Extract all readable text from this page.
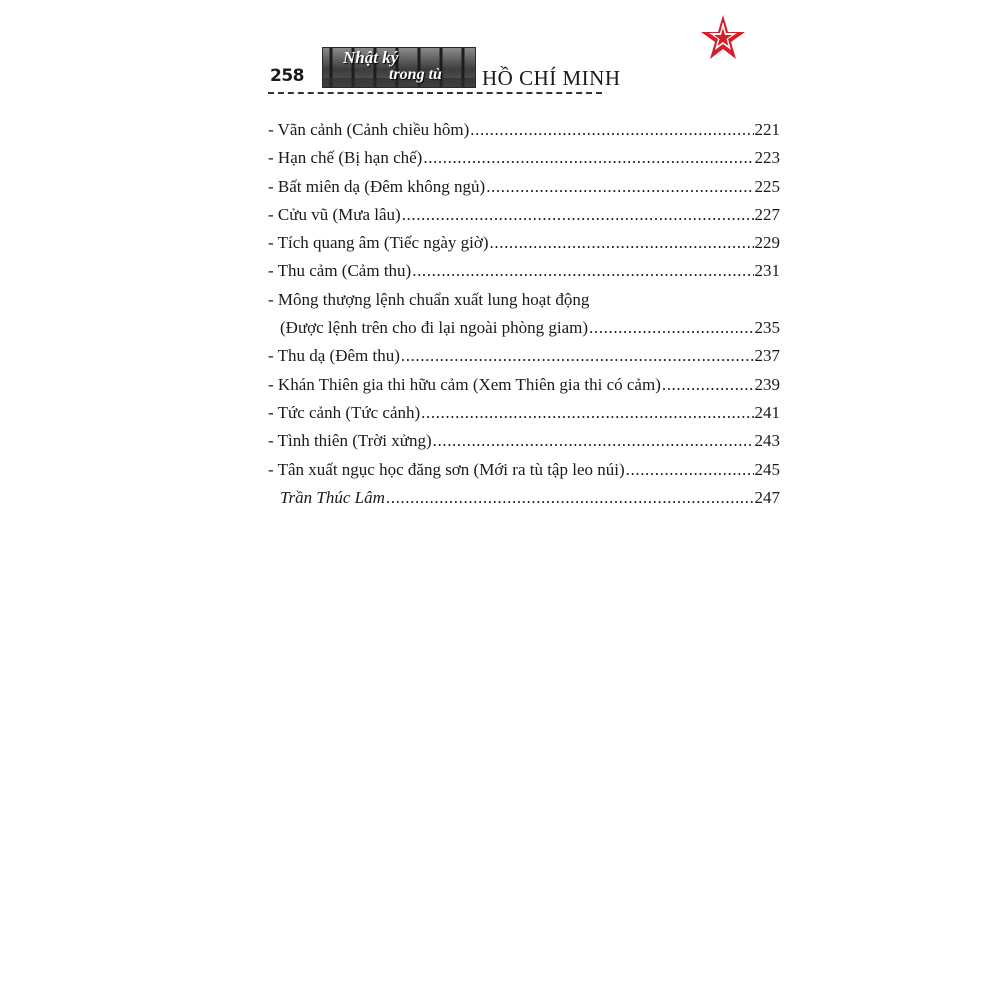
258
Nhật ký
trong tù HỒ CHÍ MINH
- Vãn cảnh (Cảnh chiều hôm) .....	221
- Hạn chế (Bị hạn chế) .....	223
- Bất miên dạ (Đêm không ngủ) .....	225
- Cửu vũ (Mưa lâu) .....	227
- Tích quang âm (Tiếc ngày giờ) .....	229
- Thu cảm (Cảm thu) .....	231
- Mông thượng lệnh chuẩn xuất lung hoạt động
(Được lệnh trên cho đi lại ngoài phòng giam) .....	235
- Thu dạ (Đêm thu) .....	237
- Khán Thiên gia thi hữu cảm (Xem Thiên gia thi có cảm) .....	239
- Tức cảnh (Tức cảnh) .....	241
- Tình thiên (Trời xửng) .....	243
- Tân xuất ngục học đăng sơn (Mới ra tù tập leo núi) .....	245
Trần Thúc Lâm .....	247
